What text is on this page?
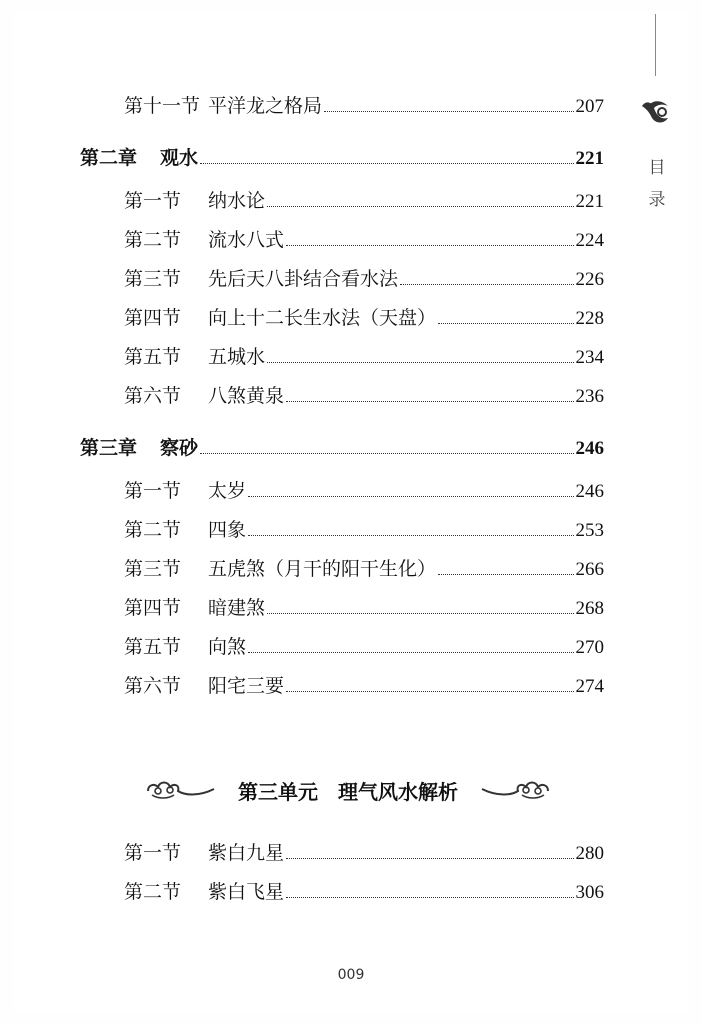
目
录
第十一节 平洋龙之格局	207
第二章	观水	221
第一节	纳水论	221
第二节	流水八式	224
第三节	先后天八卦结合看水法	226
第四节	向上十二长生水法（天盘）	228
第五节	五城水	234
第六节	八煞黄泉	236
第三章	察砂	246
第一节	太岁	246
第二节	四象	253
第三节	五虎煞（月干的阳干生化）	266
第四节	暗建煞	268
第五节	向煞	270
第六节	阳宅三要	274
第三单元　理气风水解析
第一节	紫白九星	280
第二节	紫白飞星	306
009
